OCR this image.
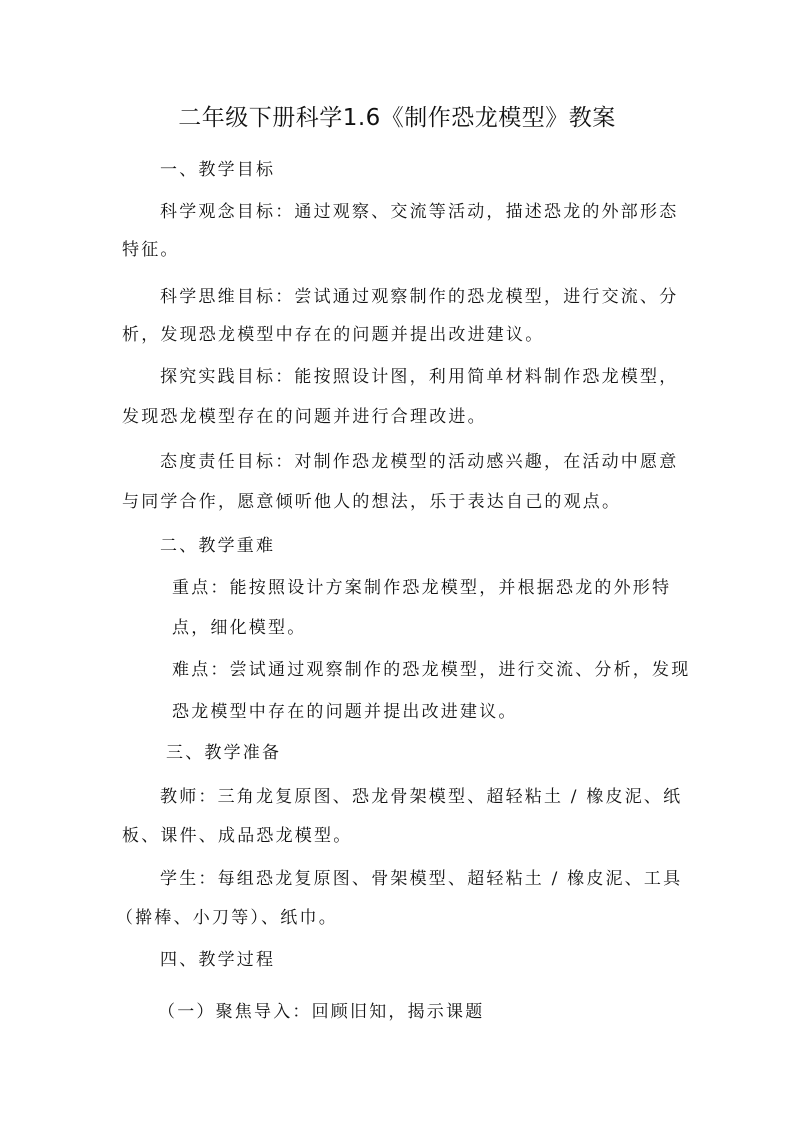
二年级下册科学1.6《制作恐龙模型》教案
一、教学目标
科学观念目标：通过观察、交流等活动，描述恐龙的外部形态
特征。
科学思维目标：尝试通过观察制作的恐龙模型，进行交流、分
析，发现恐龙模型中存在的问题并提出改进建议。
探究实践目标：能按照设计图，利用简单材料制作恐龙模型，
发现恐龙模型存在的问题并进行合理改进。
态度责任目标：对制作恐龙模型的活动感兴趣，在活动中愿意
与同学合作，愿意倾听他人的想法，乐于表达自己的观点。
二、教学重难
重点：能按照设计方案制作恐龙模型，并根据恐龙的外形特
点，细化模型。
难点：尝试通过观察制作的恐龙模型，进行交流、分析，发现
恐龙模型中存在的问题并提出改进建议。
三、教学准备
教师：三角龙复原图、恐龙骨架模型、超轻粘土 / 橡皮泥、纸
板、课件、成品恐龙模型。
学生：每组恐龙复原图、骨架模型、超轻粘土 / 橡皮泥、工具
（擀棒、小刀等）、纸巾。
四、教学过程
（一）聚焦导入：回顾旧知，揭示课题
